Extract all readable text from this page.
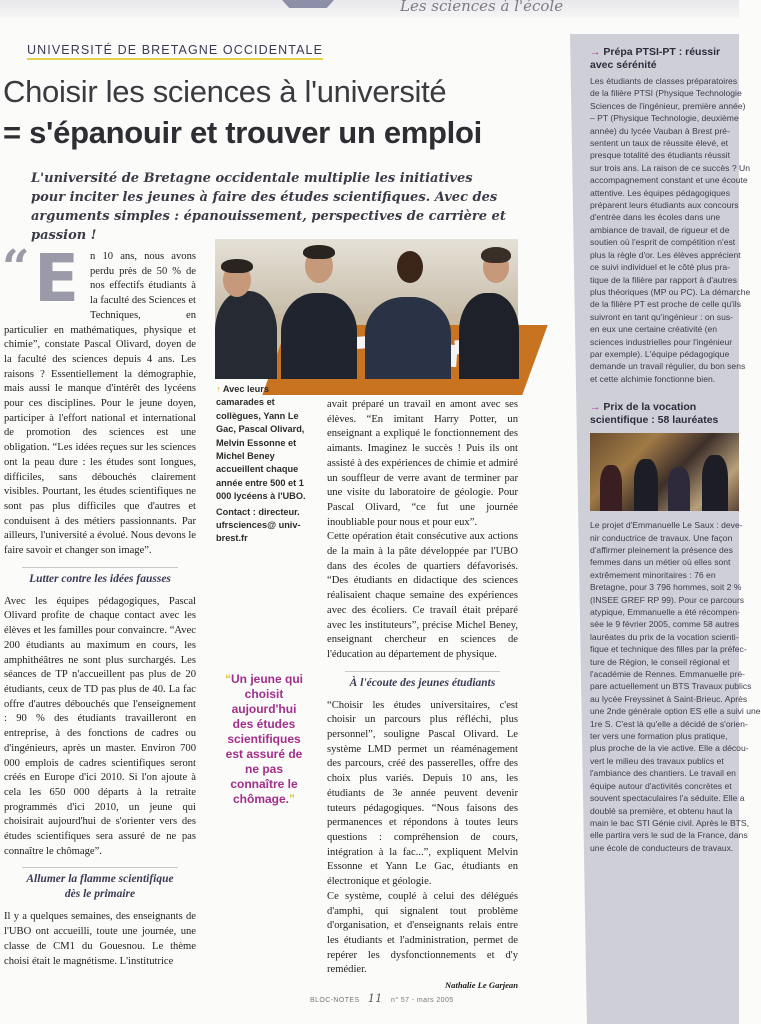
Les sciences à l'école
→ Prépa PTSI-PT : réussir avec sérénité
Les étudiants de classes préparatoires
de la filière PTSI (Physique Technologie
Sciences de l'ingénieur, première année)
– PT (Physique Technologie, deuxième
année) du lycée Vauban à Brest pré-
sentent un taux de réussite élevé, et
presque totalité des étudiants réussit
sur trois ans. La raison de ce succès ? Un
accompagnement constant et une écoute
attentive. Les équipes pédagogiques
préparent leurs étudiants aux concours
d'entrée dans les écoles dans une
ambiance de travail, de rigueur et de
soutien où l'esprit de compétition n'est
plus la règle d'or. Les élèves apprécient
ce suivi individuel et le côté plus pra-
tique de la filière par rapport à d'autres
plus théoriques (MP ou PC). La démarche
de la filière PT est proche de celle qu'ils
suivront en tant qu'ingénieur : on sus-
en eux une certaine créativité (en
sciences industrielles pour l'ingénieur
par exemple). L'équipe pédagogique
demande un travail régulier, du bon sens
et cette alchimie fonctionne bien.
→ Prix de la vocation scientifique : 58 lauréates
Le projet d'Emmanuelle Le Saux : deve-
nir conductrice de travaux. Une façon
d'affirmer pleinement la présence des
femmes dans un métier où elles sont
extrêmement minoritaires : 76 en
Bretagne, pour 3 796 hommes, soit 2 %
(INSEE GREF RP 99). Pour ce parcours
atypique, Emmanuelle a été récompen-
sée le 9 février 2005, comme 58 autres
lauréates du prix de la vocation scienti-
fique et technique des filles par la préfec-
ture de Région, le conseil régional et
l'académie de Rennes. Emmanuelle pré-
pare actuellement un BTS Travaux publics
au lycée Freyssinet à Saint-Brieuc. Après
une 2nde générale option ES elle a suivi une
1re S. C'est là qu'elle a décidé de s'orien-
ter vers une formation plus pratique,
plus proche de la vie active. Elle a décou-
vert le milieu des travaux publics et
l'ambiance des chantiers. Le travail en
équipe autour d'activités concrètes et
souvent spectaculaires l'a séduite. Elle a
doublé sa première, et obtenu haut la
main le bac STI Génie civil. Après le BTS,
elle partira vers le sud de la France, dans
une école de conducteurs de travaux.
UNIVERSITÉ DE BRETAGNE OCCIDENTALE
Choisir les sciences à l'université
= s'épanouir et trouver un emploi

L'université de Bretagne occidentale multiplie les initiatives pour inciter les jeunes à faire des études scientifiques. Avec des arguments simples : épanouissement, perspectives de carrière et passion !

“ E n 10 ans, nous avons perdu près de 50 % de nos effectifs étudiants à la faculté des Sciences et Techniques, en particulier en mathématiques, physique et chimie”, constate Pascal Olivard, doyen de la faculté des sciences depuis 4 ans. Les raisons ? Essentiellement la démographie, mais aussi le manque d'intérêt des lycéens pour ces disciplines. Pour le jeune doyen, participer à l'effort national et international de promotion des sciences est une obligation. “Les idées reçues sur les sciences ont la peau dure : les études sont longues, difficiles, sans débouchés clairement visibles. Pourtant, les études scientifiques ne sont pas plus difficiles que d'autres et conduisent à des métiers passionnants. Par ailleurs, l'université a évolué. Nous devons le faire savoir et changer son image”.
Lutter contre les idées fausses

Avec les équipes pédagogiques, Pascal Olivard profite de chaque contact avec les élèves et les familles pour convaincre. “Avec 200 étudiants au maximum en cours, les amphithéâtres ne sont plus surchargés. Les séances de TP n'accueillent pas plus de 20 étudiants, ceux de TD pas plus de 40. La fac offre d'autres débouchés que l'enseignement : 90 % des étudiants travailleront en entreprise, à des fonctions de cadres ou d'ingénieurs, après un master. Environ 700 000 emplois de cadres scientifiques seront créés en Europe d'ici 2010. Si l'on ajoute à cela les 650 000 départs à la retraite programmés d'ici 2010, un jeune qui choisirait aujourd'hui de s'orienter vers des études scientifiques sera assuré de ne pas connaître le chômage”.

Allumer la flamme scientifique dès le primaire

Il y a quelques semaines, des enseignants de l'UBO ont accueilli, toute une journée, une classe de CM1 du Gouesnou. Le thème choisi était le magnétisme. L'institutrice

↑ Avec leurs camarades et collègues, Yann Le Gac, Pascal Olivard, Melvin Essonne et Michel Beney accueillent chaque année entre 500 et 1 000 lycéens à l'UBO.
Contact : directeur. ufrsciences@ univ-brest.fr
“Un jeune qui choisit aujourd'hui des études scientifiques est assuré de ne pas connaître le chômage.”

avait préparé un travail en amont avec ses élèves. “En imitant Harry Potter, un enseignant a expliqué le fonctionnement des aimants. Imaginez le succès ! Puis ils ont assisté à des expériences de chimie et admiré un souffleur de verre avant de terminer par une visite du laboratoire de géologie. Pour Pascal Olivard, “ce fut une journée inoubliable pour nous et pour eux”.

Cette opération était consécutive aux actions de la main à la pâte développée par l'UBO dans des écoles de quartiers défavorisés. “Des étudiants en didactique des sciences réalisaient chaque semaine des expériences avec des écoliers. Ce travail était préparé avec les instituteurs”, précise Michel Beney, enseignant chercheur en sciences de l'éducation au département de physique.

À l'écoute des jeunes étudiants

“Choisir les études universitaires, c'est choisir un parcours plus réfléchi, plus personnel”, souligne Pascal Olivard. Le système LMD permet un réaménagement des parcours, créé des passerelles, offre des choix plus variés. Depuis 10 ans, les étudiants de 3e année peuvent devenir tuteurs pédagogiques. “Nous faisons des permanences et répondons à toutes leurs questions : compréhension de cours, intégration à la fac...”, expliquent Melvin Essonne et Yann Le Gac, étudiants en électronique et géologie.

Ce système, couplé à celui des délégués d'amphi, qui signalent tout problème d'organisation, et d'enseignants relais entre les étudiants et l'administration, permet de repérer les dysfonctionnements et d'y remédier.

Nathalie Le Garjean
BLOC-NOTES 11 n° 57 - mars 2005
